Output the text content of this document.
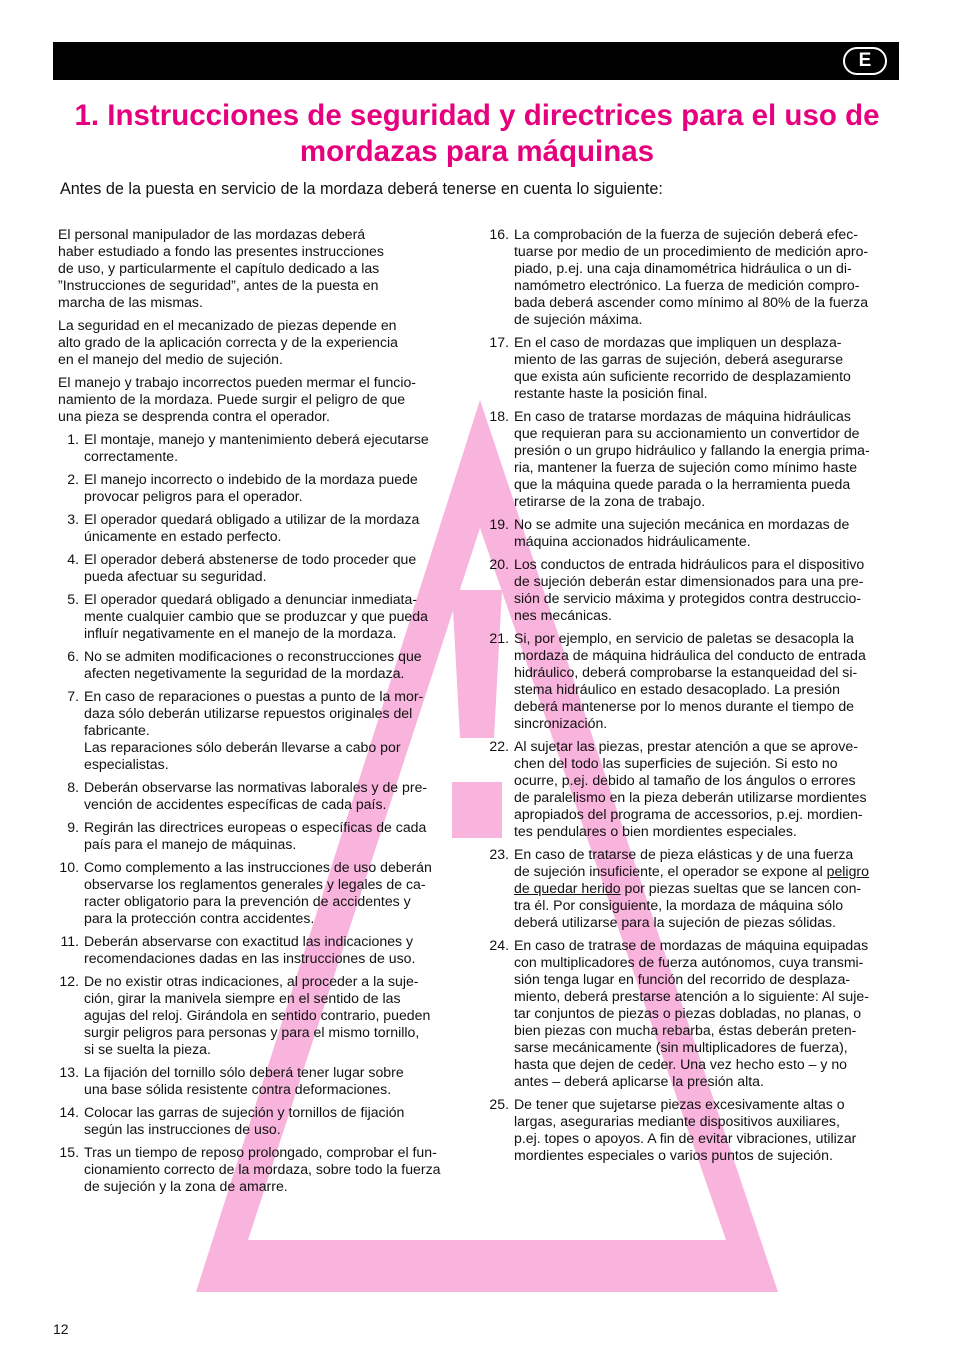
E
1. Instrucciones de seguridad y directrices para el uso de mordazas para máquinas

Antes de la puesta en servicio de la mordaza deberá tenerse en cuenta lo siguiente:

El personal manipulador de las mordazas deberá
haber estudiado a fondo las presentes instrucciones
de uso, y particularmente el capítulo dedicado a las
”Instrucciones de seguridad”, antes de la puesta en
marcha de las mismas.

La seguridad en el mecanizado de piezas depende en
alto grado de la aplicación correcta y de la experiencia
en el manejo del medio de sujeción.

El manejo y trabajo incorrectos pueden mermar el funcio-
namiento de la mordaza. Puede surgir el peligro de que
una pieza se desprenda contra el operador.

1. El montaje, manejo y mantenimiento deberá ejecutarse
correctamente.
2. El manejo incorrecto o indebido de la mordaza puede
provocar peligros para el operador.
3. El operador quedará obligado a utilizar de la mordaza
únicamente en estado perfecto.
4. El operador deberá abstenerse de todo proceder que
pueda afectuar su seguridad.
5. El operador quedará obligado a denunciar inmediata-
mente cualquier cambio que se produzcar y que pueda
influír negativamente en el manejo de la mordaza.
6. No se admiten modificaciones o reconstrucciones que
afecten negetivamente la seguridad de la mordaza.
7. En caso de reparaciones o puestas a punto de la mor-
daza sólo deberán utilizarse repuestos originales del
fabricante.
Las reparaciones sólo deberán llevarse a cabo por
especialistas.
8. Deberán observarse las normativas laborales y de pre-
vención de accidentes específicas de cada país.
9. Regirán las directrices europeas o específicas de cada
país para el manejo de máquinas.
10. Como complemento a las instrucciones de uso deberán
observarse los reglamentos generales y legales de ca-
racter obligatorio para la prevención de accidentes y
para la protección contra accidentes.
11. Deberán abservarse con exactitud las indicaciones y
recomendaciones dadas en las instrucciones de uso.
12. De no existir otras indicaciones, al proceder a la suje-
ción, girar la manivela siempre en el sentido de las
agujas del reloj. Girándola en sentido contrario, pueden
surgir peligros para personas y para el mismo tornillo,
si se suelta la pieza.
13. La fijación del tornillo sólo deberá tener lugar sobre
una base sólida resistente contra deformaciones.
14. Colocar las garras de sujeción y tornillos de fijación
según las instrucciones de uso.
15. Tras un tiempo de reposo prolongado, comprobar el fun-
cionamiento correcto de la mordaza, sobre todo la fuerza
de sujeción y la zona de amarre.
16. La comprobación de la fuerza de sujeción deberá efec-
tuarse por medio de un procedimiento de medición apro-
piado, p.ej. una caja dinamométrica hidráulica o un di-
namómetro electrónico. La fuerza de medición compro-
bada deberá ascender como mínimo al 80% de la fuerza
de sujeción máxima.
17. En el caso de mordazas que impliquen un desplaza-
miento de las garras de sujeción, deberá asegurarse
que exista aún suficiente recorrido de desplazamiento
restante haste la posición final.
18. En caso de tratarse mordazas de máquina hidráulicas
que requieran para su accionamiento un convertidor de
presión o un grupo hidráulico y fallando la energia prima-
ria, mantener la fuerza de sujeción como mínimo haste
que la máquina quede parada o la herramienta pueda
retirarse de la zona de trabajo.
19. No se admite una sujeción mecánica en mordazas de
máquina accionados hidráulicamente.
20. Los conductos de entrada hidráulicos para el dispositivo
de sujeción deberán estar dimensionados para una pre-
sión de servicio máxima y protegidos contra destruccio-
nes mecánicas.
21. Si, por ejemplo, en servicio de paletas se desacopla la
mordaza de máquina hidráulica del conducto de entrada
hidráulico, deberá comprobarse la estanqueidad del si-
stema hidráulico en estado desacoplado. La presión
deberá mantenerse por lo menos durante el tiempo de
sincronización.
22. Al sujetar las piezas, prestar atención a que se aprove-
chen del todo las superficies de sujeción. Si esto no
ocurre, p.ej. debido al tamaño de los ángulos o errores
de paralelismo en la pieza deberán utilizarse mordientes
apropiados del programa de accessorios, p.ej. mordien-
tes pendulares o bien mordientes especiales.
23. En caso de tratarse de pieza elásticas y de una fuerza
de sujeción insuficiente, el operador se expone al peligro
de quedar herido por piezas sueltas que se lancen con-
tra él. Por consiguiente, la mordaza de máquina sólo
deberá utilizarse para la sujeción de piezas sólidas.
24. En caso de tratrase de mordazas de máquina equipadas
con multiplicadores de fuerza autónomos, cuya transmi-
sión tenga lugar en función del recorrido de desplaza-
miento, deberá prestarse atención a lo siguiente: Al suje-
tar conjuntos de piezas o piezas dobladas, no planas, o
bien piezas con mucha rebarba, éstas deberán preten-
sarse mecánicamente (sin multiplicadores de fuerza),
hasta que dejen de ceder. Una vez hecho esto – y no
antes – deberá aplicarse la presión alta.
25. De tener que sujetarse piezas excesivamente altas o
largas, asegurarias mediante dispositivos auxiliares,
p.ej. topes o apoyos. A fin de evitar vibraciones, utilizar
mordientes especiales o varios puntos de sujeción.
12
